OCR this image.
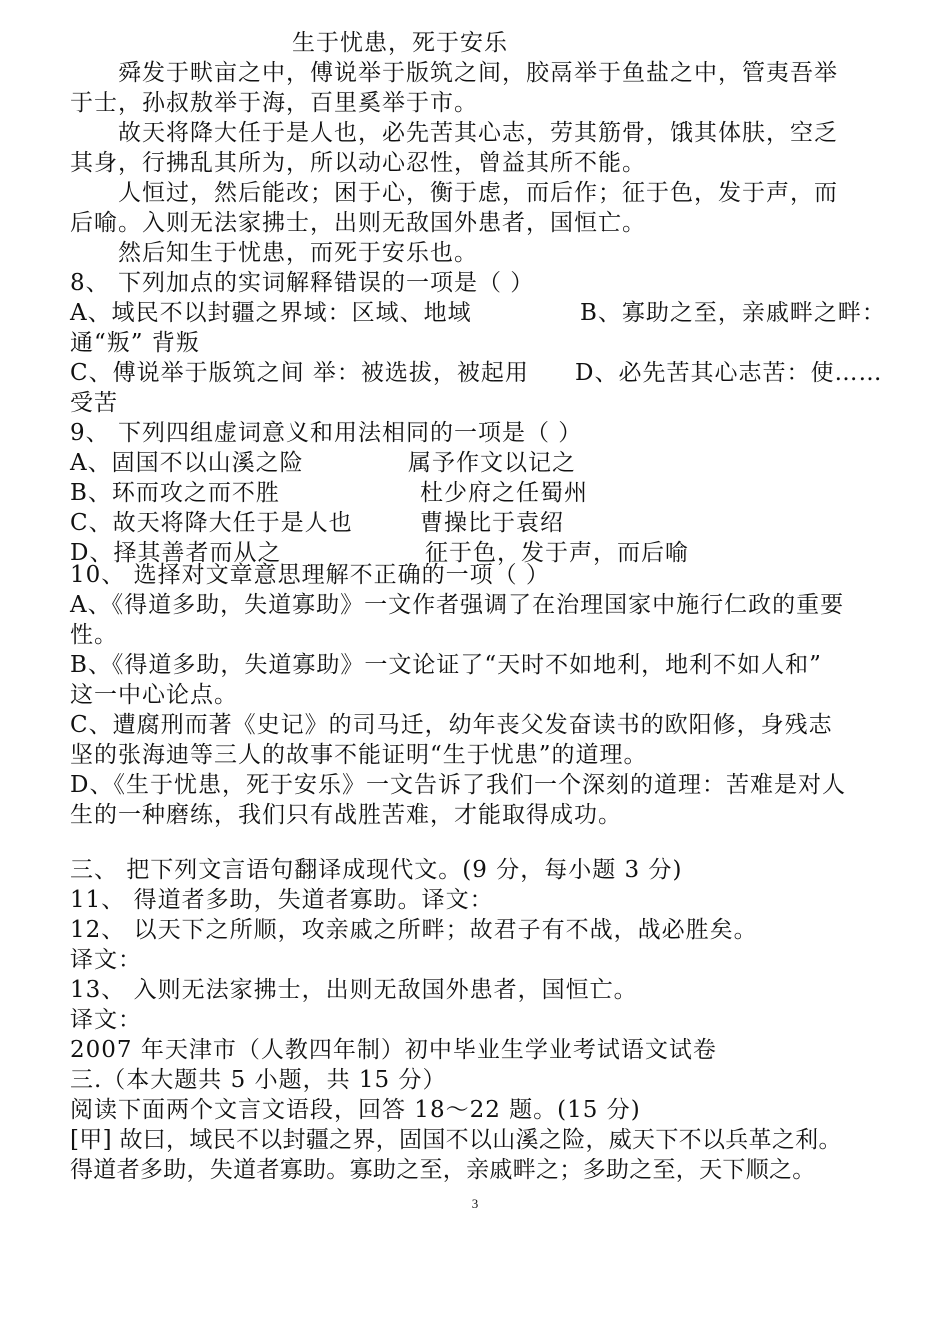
生于忧患，死于安乐
舜发于畎亩之中，傅说举于版筑之间，胶鬲举于鱼盐之中，管夷吾举
于士，孙叔敖举于海，百里奚举于市。
故天将降大任于是人也，必先苦其心志，劳其筋骨，饿其体肤，空乏
其身，行拂乱其所为，所以动心忍性，曾益其所不能。
人恒过，然后能改；困于心，衡于虑，而后作；征于色，发于声，而
后喻。入则无法家拂士，出则无敌国外患者，国恒亡。
然后知生于忧患，而死于安乐也。
8、 下列加点的实词解释错误的一项是（ ）
A、域民不以封疆之界域：区域、地域	B、寡助之至，亲戚畔之畔：
通“叛” 背叛
C、傅说举于版筑之间 举：被选拔，被起用 D、必先苦其心志苦：使……
受苦
9、 下列四组虚词意义和用法相同的一项是（ ）
A、固国不以山溪之险	属予作文以记之
B、环而攻之而不胜	杜少府之任蜀州
C、故天将降大任于是人也	曹操比于袁绍
D、择其善者而从之	征于色，发于声，而后喻
10、 选择对文章意思理解不正确的一项（ ）
A、《得道多助，失道寡助》一文作者强调了在治理国家中施行仁政的重要
性。
B、《得道多助，失道寡助》一文论证了“天时不如地利，地利不如人和”
这一中心论点。
C、遭腐刑而著《史记》的司马迁，幼年丧父发奋读书的欧阳修，身残志
坚的张海迪等三人的故事不能证明“生于忧患”的道理。
D、《生于忧患，死于安乐》一文告诉了我们一个深刻的道理：苦难是对人
生的一种磨练，我们只有战胜苦难，才能取得成功。
三、 把下列文言语句翻译成现代文。(9 分，每小题 3 分)
11、 得道者多助，失道者寡助。译文：
12、 以天下之所顺，攻亲戚之所畔；故君子有不战，战必胜矣。
译文：
13、 入则无法家拂士，出则无敌国外患者，国恒亡。
译文：
2007 年天津市（人教四年制）初中毕业生学业考试语文试卷
三.（本大题共 5 小题，共 15 分）
阅读下面两个文言文语段，回答 18～22 题。(15 分)
[甲] 故曰，域民不以封疆之界，固国不以山溪之险，威天下不以兵革之利。
得道者多助，失道者寡助。寡助之至，亲戚畔之；多助之至，天下顺之。
3
